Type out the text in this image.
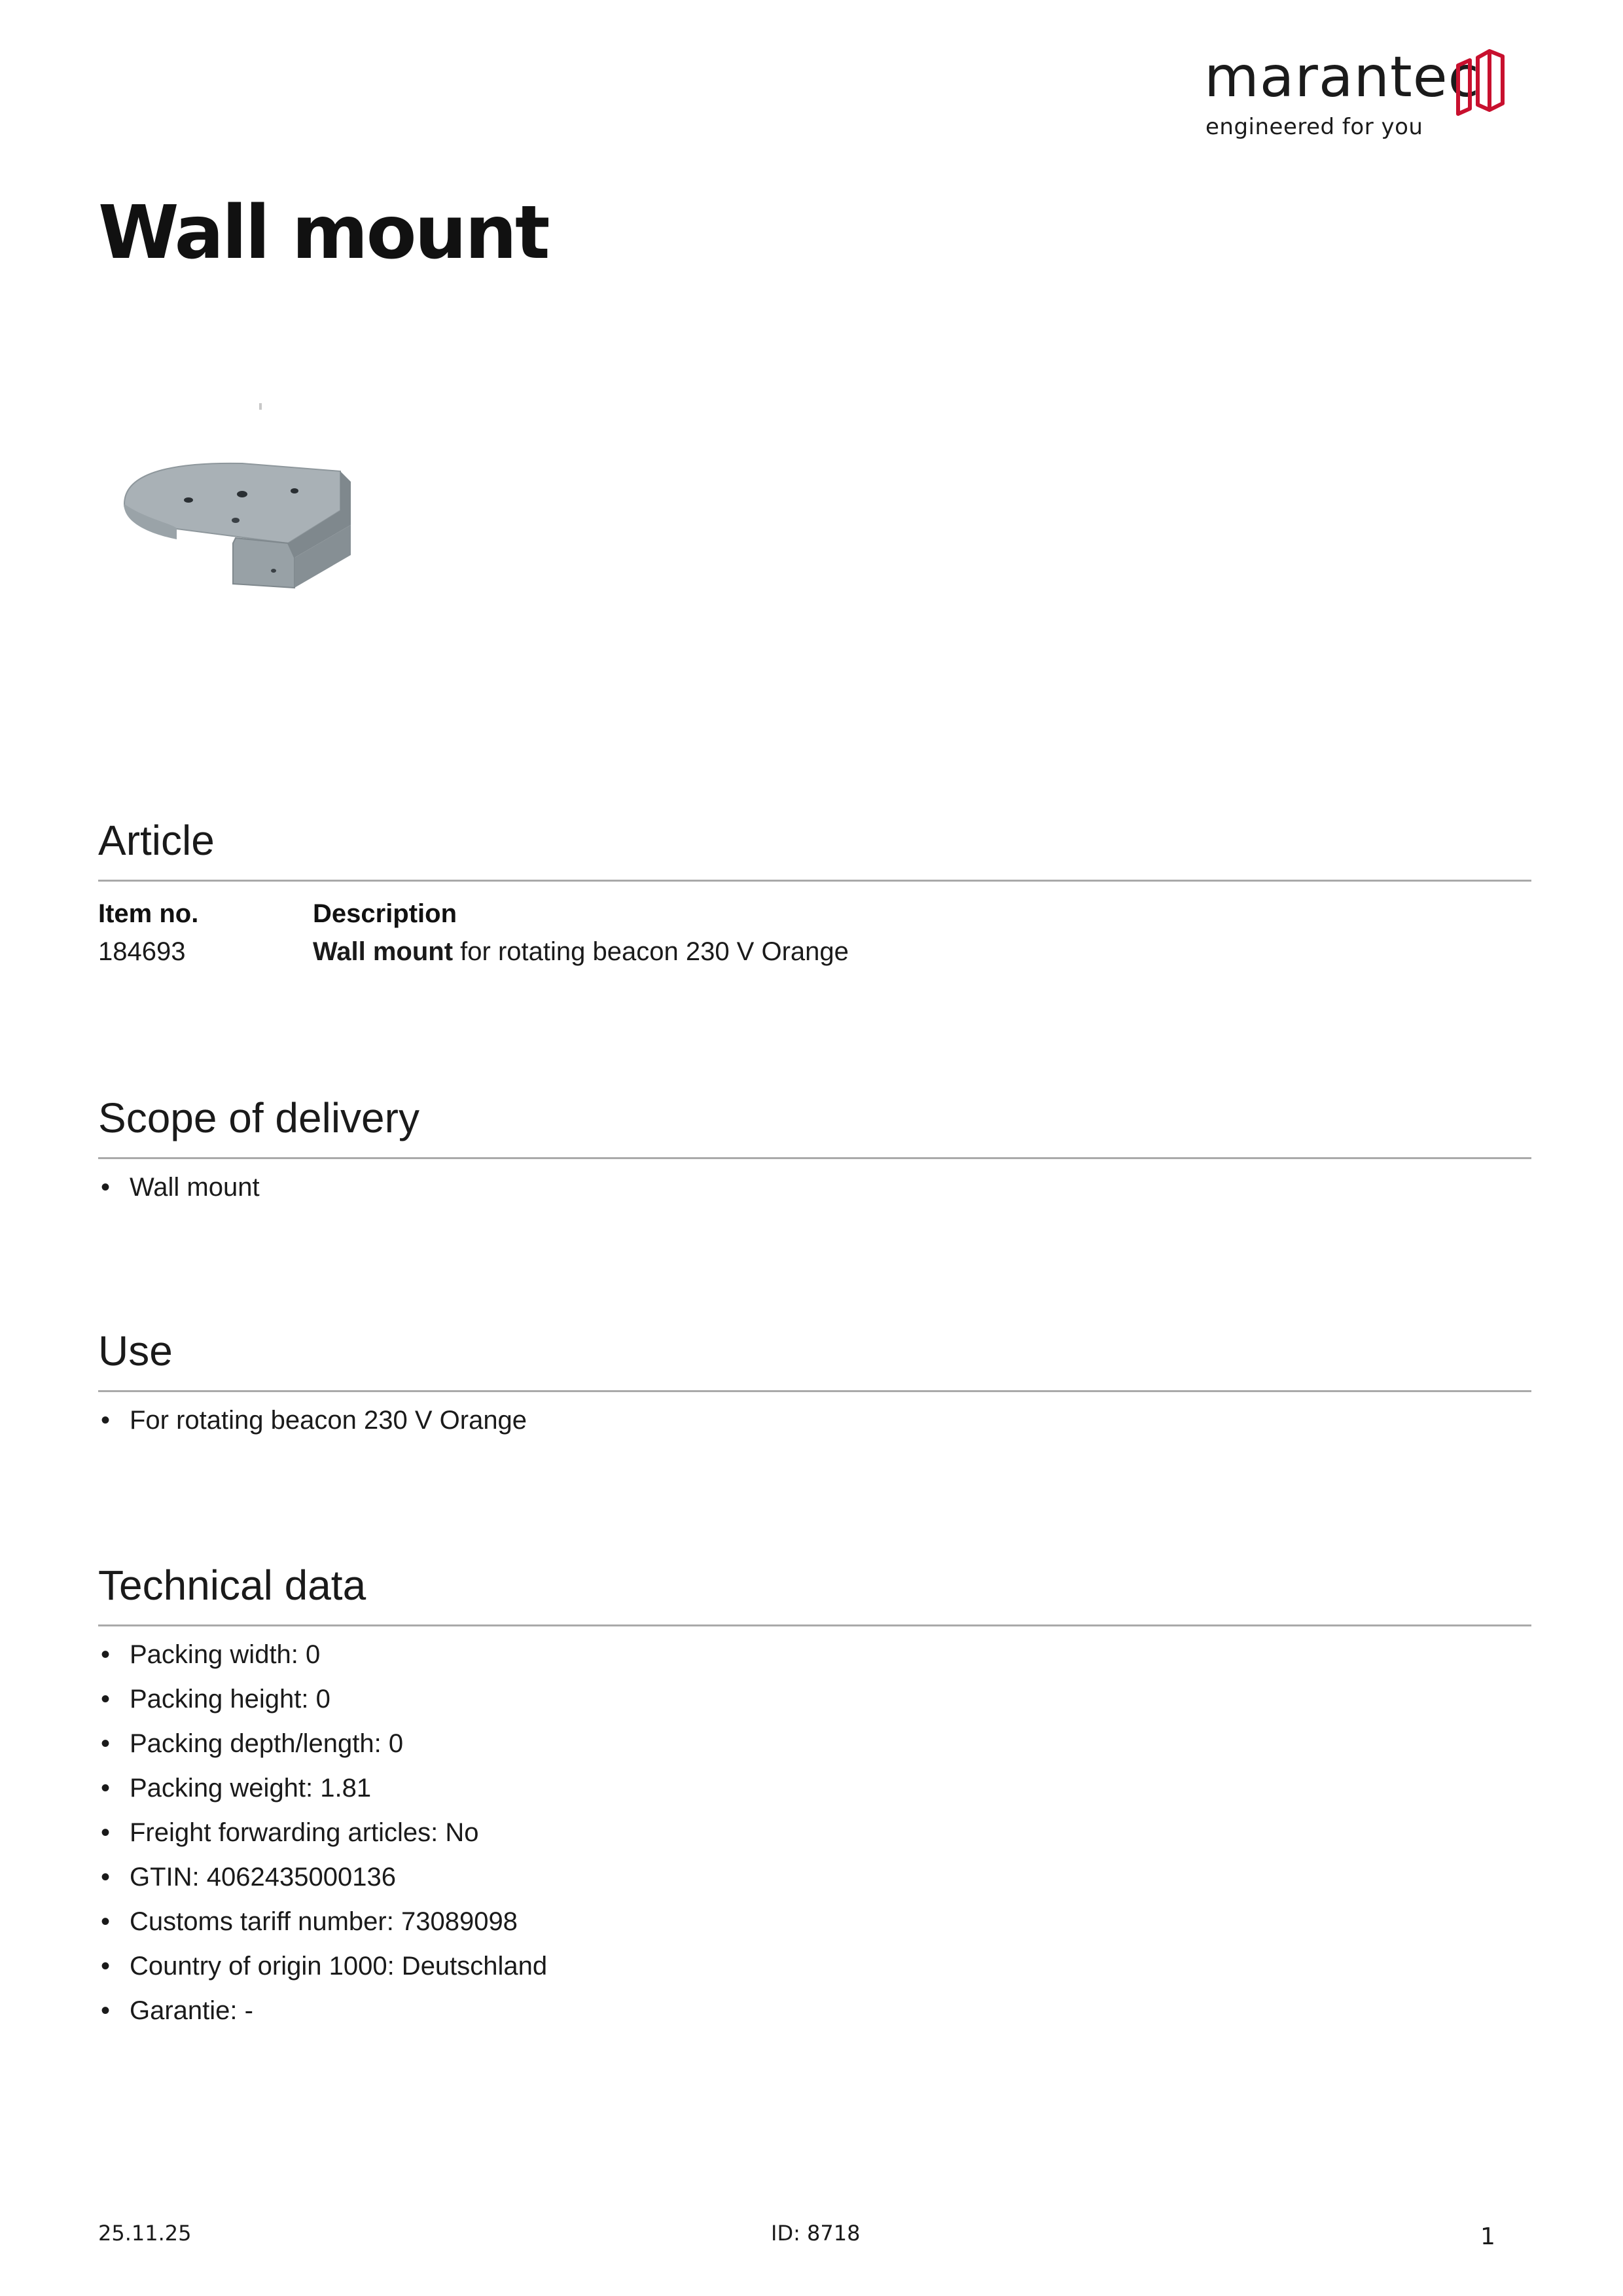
marantec
engineered for you
Wall mount
Article
Item no.	Description
184693	Wall mount for rotating beacon 230 V Orange
Scope of delivery
• Wall mount
Use
• For rotating beacon 230 V Orange
Technical data
• Packing width: 0
• Packing height: 0
• Packing depth/length: 0
• Packing weight: 1.81
• Freight forwarding articles: No
• GTIN: 4062435000136
• Customs tariff number: 73089098
• Country of origin 1000: Deutschland
• Garantie: -
25.11.25	ID: 8718	1
